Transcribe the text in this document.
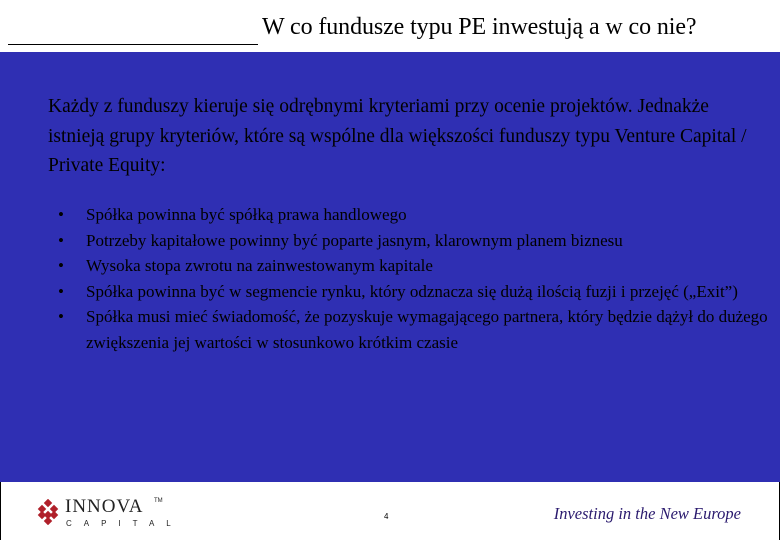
W co fundusze typu PE inwestują a w co nie?

Każdy z funduszy kieruje się odrębnymi kryteriami przy ocenie projektów. Jednakże istnieją grupy kryteriów, które są wspólne dla większości funduszy typu Venture Capital / Private Equity:

• Spółka powinna być spółką prawa handlowego
• Potrzeby kapitałowe powinny być poparte jasnym, klarownym planem biznesu
• Wysoka stopa zwrotu na zainwestowanym kapitale
• Spółka powinna być w segmencie rynku, który odznacza się dużą ilością fuzji i przejęć („Exit”)
• Spółka musi mieć świadomość, że pozyskuje wymagającego partnera, który będzie dążył do dużego zwiększenia jej wartości w stosunkowo krótkim czasie
INNOVA TM
CAPITAL
4	Investing in the New Europe
